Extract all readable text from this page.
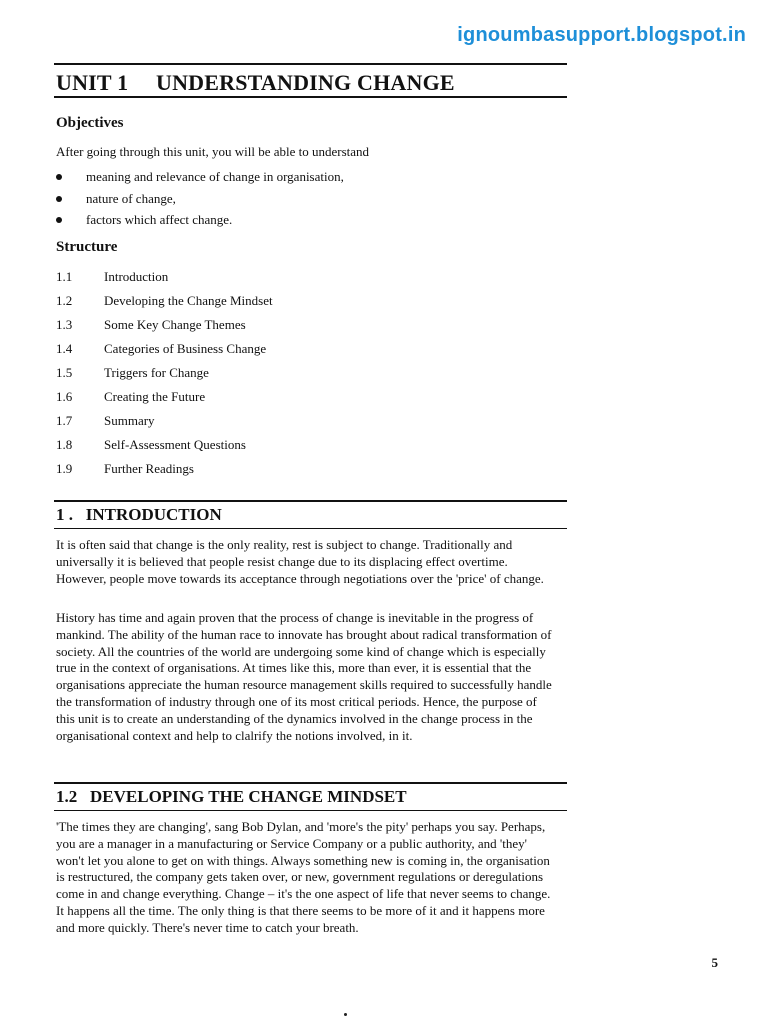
ignoumbasupport.blogspot.in
UNIT 1 UNDERSTANDING CHANGE
Objectives

After going through this unit, you will be able to understand

meaning and relevance of change in organisation,
nature of change,
factors which affect change.
Structure
1.1 Introduction
1.2 Developing the Change Mindset
1.3 Some Key Change Themes
1.4 Categories of Business Change
1.5 Triggers for Change
1.6 Creating the Future
1.7 Summary
1.8 Self-Assessment Questions
1.9 Further Readings
1 .   INTRODUCTION

It is often said that change is the only reality, rest is subject to change. Traditionally and universally it is believed that people resist change due to its displacing effect overtime. However, people move towards its acceptance through negotiations over the 'price' of change.

History has time and again proven that the process of change is inevitable in the progress of mankind. The ability of the human race to innovate has brought about radical transformation of society. All the countries of the world are undergoing some kind of change which is especially true in the context of organisations. At times like this, more than ever, it is essential that the organisations appreciate the human resource management skills required to successfully handle the transformation of industry through one of its most critical periods. Hence, the purpose of this unit is to create an understanding of the dynamics involved in the change process in the organisational context and help to clalrify the notions involved, in it.

1.2   DEVELOPING THE CHANGE MINDSET

'The times they are changing', sang Bob Dylan, and 'more's the pity' perhaps you say. Perhaps, you are a manager in a manufacturing or Service Company or a public authority, and 'they' won't let you alone to get on with things. Always something new is coming in, the organisation is restructured, the company gets taken over, or new, government regulations or deregulations come in and change everything. Change – it's the one aspect of life that never seems to change. It happens all the time. The only thing is that there seems to be more of it and it happens more and more quickly. There's never time to catch your breath.

5
